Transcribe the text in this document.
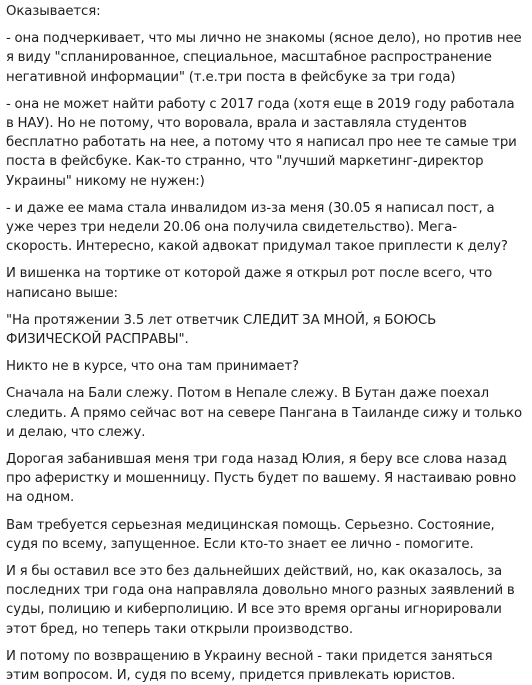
Оказывается:

- она подчеркивает, что мы лично не знакомы (ясное дело), но против нее я виду "спланированное, специальное, масштабное распространение негативной информации" (т.е.три поста в фейсбуке за три года)

- она не может найти работу с 2017 года (хотя еще в 2019 году работала в НАУ). Но не потому, что воровала, врала и заставляла студентов бесплатно работать на нее, а потому что я написал про нее те самые три поста в фейсбуке. Как-то странно, что "лучший маркетинг-директор Украины" никому не нужен:)

- и даже ее мама стала инвалидом из-за меня (30.05 я написал пост, а уже через три недели 20.06 она получила свидетельство). Мега-скорость. Интересно, какой адвокат придумал такое приплести к делу?

И вишенка на тортике от которой даже я открыл рот после всего, что написано выше:

"На протяжении 3.5 лет ответчик СЛЕДИТ ЗА МНОЙ, я БОЮСЬ ФИЗИЧЕСКОЙ РАСПРАВЫ".

Никто не в курсе, что она там принимает?

Сначала на Бали слежу. Потом в Непале слежу. В Бутан даже поехал следить. А прямо сейчас вот на севере Пангана в Таиланде сижу и только и делаю, что слежу.

Дорогая забанившая меня три года назад Юлия, я беру все слова назад про аферистку и мошенницу. Пусть будет по вашему. Я настаиваю ровно на одном.

Вам требуется серьезная медицинская помощь. Серьезно. Состояние, судя по всему, запущенное. Если кто-то знает ее лично - помогите.

И я бы оставил все это без дальнейших действий, но, как оказалось, за последних три года она направляла довольно много разных заявлений в суды, полицию и киберполицию. И все это время органы игнорировали этот бред, но теперь таки открыли производство.

И потому по возвращению в Украину весной - таки придется заняться этим вопросом. И, судя по всему, придется привлекать юристов.
